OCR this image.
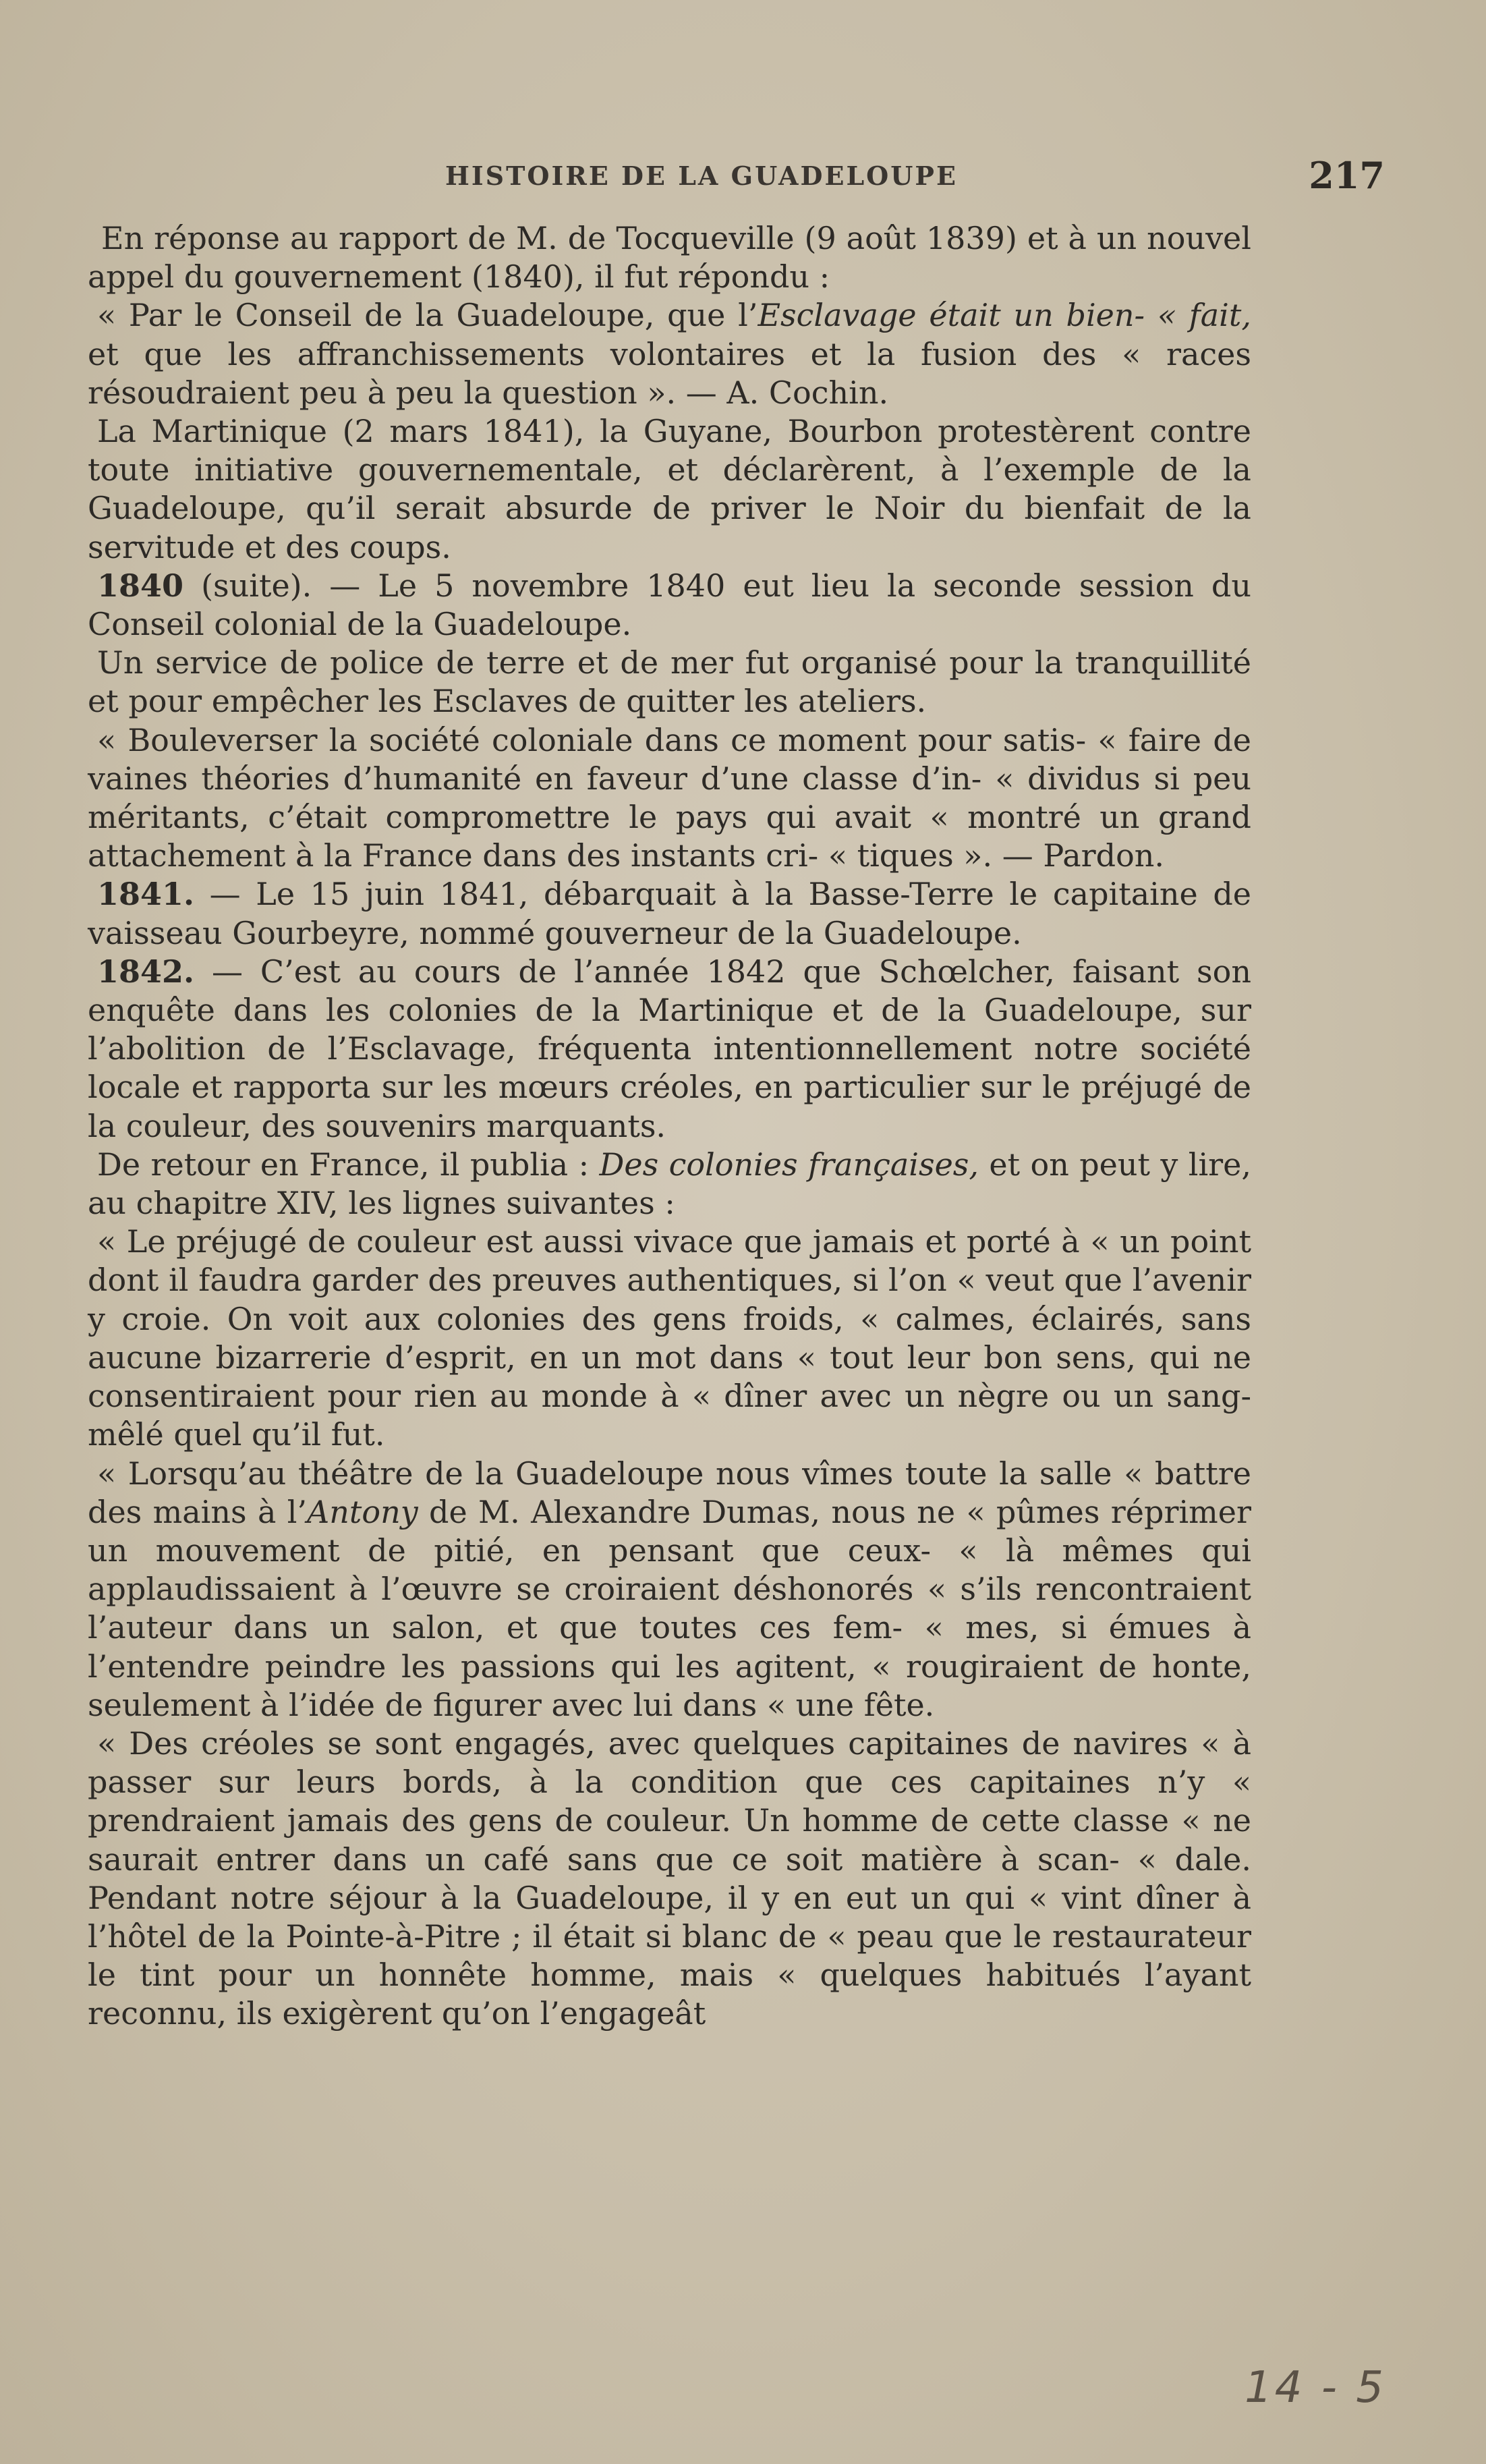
HISTOIRE DE LA GUADELOUPE	217

En réponse au rapport de M. de Tocqueville (9 août 1839) et à un nouvel appel du gouvernement (1840), il fut répondu :

« Par le Conseil de la Guadeloupe, que l’Esclavage était un bien- « fait, et que les affranchissements volontaires et la fusion des « races résoudraient peu à peu la question ». — A. Cochin.

La Martinique (2 mars 1841), la Guyane, Bourbon protestèrent contre toute initiative gouvernementale, et déclarèrent, à l’exemple de la Guadeloupe, qu’il serait absurde de priver le Noir du bienfait de la servitude et des coups.

1840 (suite). — Le 5 novembre 1840 eut lieu la seconde session du Conseil colonial de la Guadeloupe.

Un service de police de terre et de mer fut organisé pour la tranquillité et pour empêcher les Esclaves de quitter les ateliers.

« Bouleverser la société coloniale dans ce moment pour satis- « faire de vaines théories d’humanité en faveur d’une classe d’in- « dividus si peu méritants, c’était compromettre le pays qui avait « montré un grand attachement à la France dans des instants cri- « tiques ». — Pardon.

1841. — Le 15 juin 1841, débarquait à la Basse-Terre le capitaine de vaisseau Gourbeyre, nommé gouverneur de la Guadeloupe.

1842. — C’est au cours de l’année 1842 que Schœlcher, faisant son enquête dans les colonies de la Martinique et de la Guadeloupe, sur l’abolition de l’Esclavage, fréquenta intentionnellement notre société locale et rapporta sur les mœurs créoles, en particulier sur le préjugé de la couleur, des souvenirs marquants.

De retour en France, il publia : Des colonies françaises, et on peut y lire, au chapitre XIV, les lignes suivantes :

« Le préjugé de couleur est aussi vivace que jamais et porté à « un point dont il faudra garder des preuves authentiques, si l’on « veut que l’avenir y croie. On voit aux colonies des gens froids, « calmes, éclairés, sans aucune bizarrerie d’esprit, en un mot dans « tout leur bon sens, qui ne consentiraient pour rien au monde à « dîner avec un nègre ou un sang-mêlé quel qu’il fut.

« Lorsqu’au théâtre de la Guadeloupe nous vîmes toute la salle « battre des mains à l’Antony de M. Alexandre Dumas, nous ne « pûmes réprimer un mouvement de pitié, en pensant que ceux- « là mêmes qui applaudissaient à l’œuvre se croiraient déshonorés « s’ils rencontraient l’auteur dans un salon, et que toutes ces fem- « mes, si émues à l’entendre peindre les passions qui les agitent, « rougiraient de honte, seulement à l’idée de figurer avec lui dans « une fête.

« Des créoles se sont engagés, avec quelques capitaines de navires « à passer sur leurs bords, à la condition que ces capitaines n’y « prendraient jamais des gens de couleur. Un homme de cette classe « ne saurait entrer dans un café sans que ce soit matière à scan- « dale. Pendant notre séjour à la Guadeloupe, il y en eut un qui « vint dîner à l’hôtel de la Pointe-à-Pitre ; il était si blanc de « peau que le restaurateur le tint pour un honnête homme, mais « quelques habitués l’ayant reconnu, ils exigèrent qu’on l’engageât

14 - 5
